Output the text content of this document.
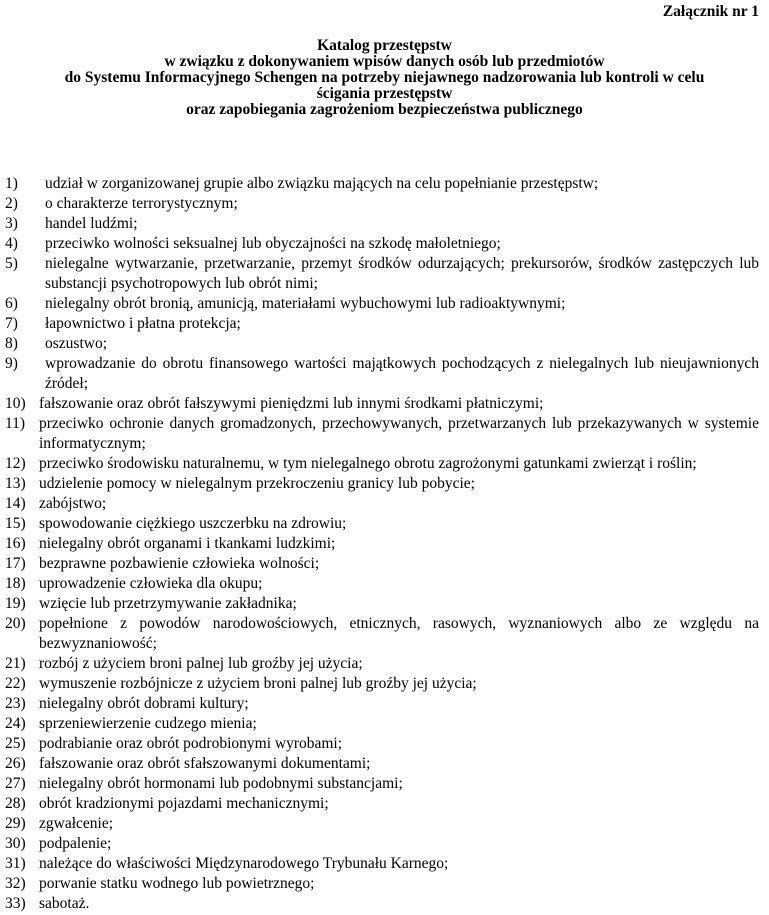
Załącznik nr 1
Katalog przestępstw
w związku z dokonywaniem wpisów danych osób lub przedmiotów
do Systemu Informacyjnego Schengen na potrzeby niejawnego nadzorowania lub kontroli w celu
ścigania przestępstw
oraz zapobiegania zagrożeniom bezpieczeństwa publicznego
1)	udział w zorganizowanej grupie albo związku mających na celu popełnianie przestępstw;
2)	o charakterze terrorystycznym;
3)	handel ludźmi;
4)	przeciwko wolności seksualnej lub obyczajności na szkodę małoletniego;
5)	nielegalne wytwarzanie, przetwarzanie, przemyt środków odurzających; prekursorów, środków zastępczych lub substancji psychotropowych lub obrót nimi;
6)	nielegalny obrót bronią, amunicją, materiałami wybuchowymi lub radioaktywnymi;
7)	łapownictwo i płatna protekcja;
8)	oszustwo;
9)	wprowadzanie do obrotu finansowego wartości majątkowych pochodzących z nielegalnych lub nieujawnionych źródeł;
10) fałszowanie oraz obrót fałszywymi pieniędzmi lub innymi środkami płatniczymi;
11) przeciwko ochronie danych gromadzonych, przechowywanych, przetwarzanych lub przekazywanych w systemie informatycznym;
12) przeciwko środowisku naturalnemu, w tym nielegalnego obrotu zagrożonymi gatunkami zwierząt i roślin;
13) udzielenie pomocy w nielegalnym przekroczeniu granicy lub pobycie;
14) zabójstwo;
15) spowodowanie ciężkiego uszczerbku na zdrowiu;
16) nielegalny obrót organami i tkankami ludzkimi;
17) bezprawne pozbawienie człowieka wolności;
18) uprowadzenie człowieka dla okupu;
19) wzięcie lub przetrzymywanie zakładnika;
20) popełnione z powodów narodowościowych, etnicznych, rasowych, wyznaniowych albo ze względu na bezwyznaniowość;
21) rozbój z użyciem broni palnej lub groźby jej użycia;
22) wymuszenie rozbójnicze z użyciem broni palnej lub groźby jej użycia;
23) nielegalny obrót dobrami kultury;
24) sprzeniewierzenie cudzego mienia;
25) podrabianie oraz obrót podrobionymi wyrobami;
26) fałszowanie oraz obrót sfałszowanymi dokumentami;
27) nielegalny obrót hormonami lub podobnymi substancjami;
28) obrót kradzionymi pojazdami mechanicznymi;
29) zgwałcenie;
30) podpalenie;
31) należące do właściwości Międzynarodowego Trybunału Karnego;
32) porwanie statku wodnego lub powietrznego;
33) sabotaż.
